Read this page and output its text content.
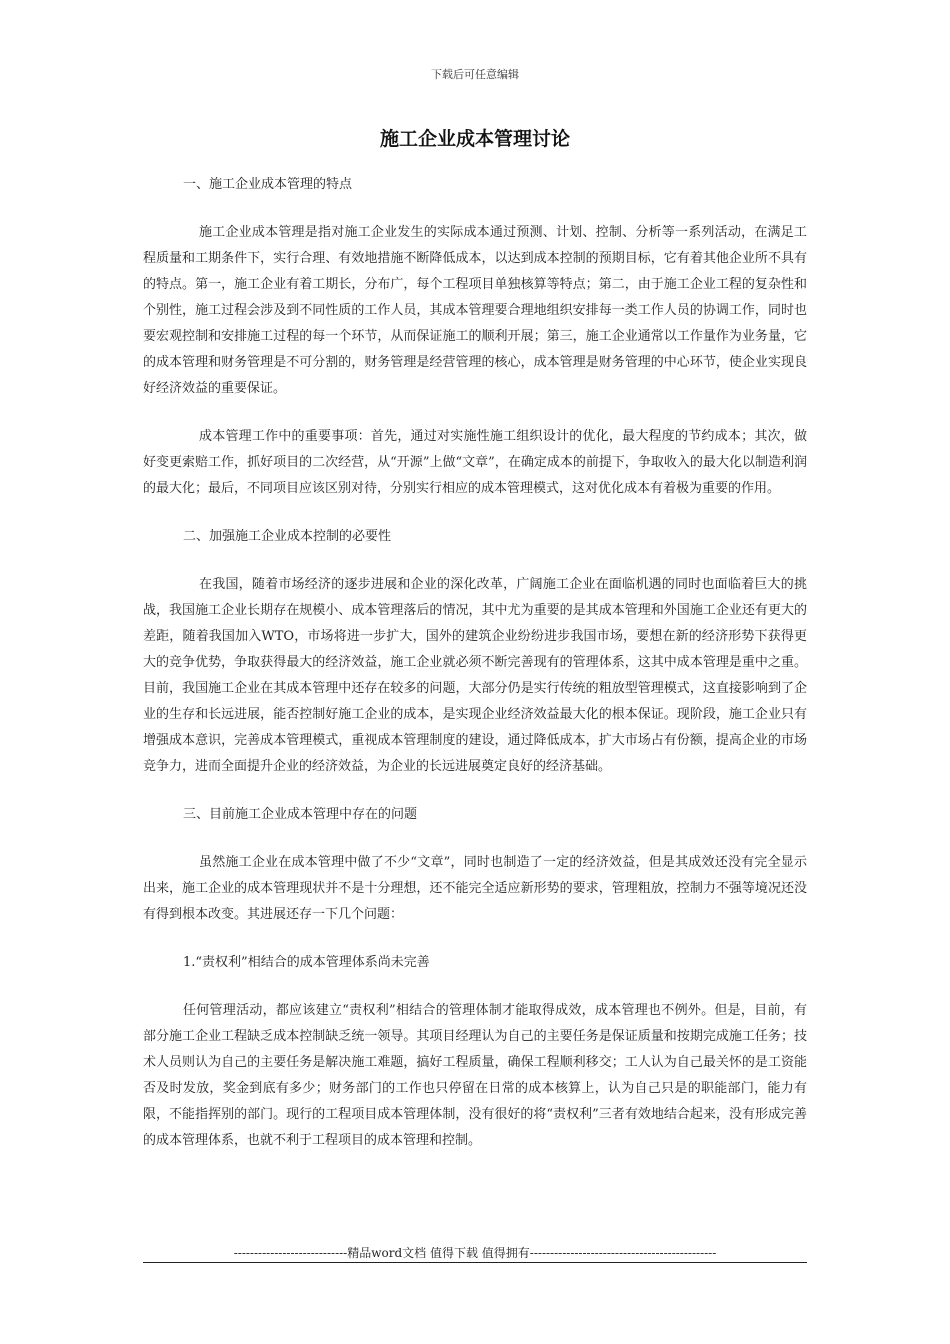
下载后可任意编辑
施工企业成本管理讨论
一、施工企业成本管理的特点

施工企业成本管理是指对施工企业发生的实际成本通过预测、计划、控制、分析等一系列活动，在满足工程质量和工期条件下，实行合理、有效地措施不断降低成本，以达到成本控制的预期目标，它有着其他企业所不具有的特点。第一，施工企业有着工期长，分布广，每个工程项目单独核算等特点；第二，由于施工企业工程的复杂性和个别性，施工过程会涉及到不同性质的工作人员，其成本管理要合理地组织安排每一类工作人员的协调工作，同时也要宏观控制和安排施工过程的每一个环节，从而保证施工的顺利开展；第三，施工企业通常以工作量作为业务量，它的成本管理和财务管理是不可分割的，财务管理是经营管理的核心，成本管理是财务管理的中心环节，使企业实现良好经济效益的重要保证。

成本管理工作中的重要事项：首先，通过对实施性施工组织设计的优化，最大程度的节约成本；其次，做好变更索赔工作，抓好项目的二次经营，从“开源”上做“文章”，在确定成本的前提下，争取收入的最大化以制造利润的最大化；最后，不同项目应该区别对待，分别实行相应的成本管理模式，这对优化成本有着极为重要的作用。

二、加强施工企业成本控制的必要性

在我国，随着市场经济的逐步进展和企业的深化改革，广阔施工企业在面临机遇的同时也面临着巨大的挑战，我国施工企业长期存在规模小、成本管理落后的情况，其中尤为重要的是其成本管理和外国施工企业还有更大的差距，随着我国加入WTO，市场将进一步扩大，国外的建筑企业纷纷进步我国市场，要想在新的经济形势下获得更大的竞争优势，争取获得最大的经济效益，施工企业就必须不断完善现有的管理体系，这其中成本管理是重中之重。目前，我国施工企业在其成本管理中还存在较多的问题，大部分仍是实行传统的粗放型管理模式，这直接影响到了企业的生存和长远进展，能否控制好施工企业的成本，是实现企业经济效益最大化的根本保证。现阶段，施工企业只有增强成本意识，完善成本管理模式，重视成本管理制度的建设，通过降低成本，扩大市场占有份额，提高企业的市场竞争力，进而全面提升企业的经济效益，为企业的长远进展奠定良好的经济基础。

三、目前施工企业成本管理中存在的问题

虽然施工企业在成本管理中做了不少“文章”，同时也制造了一定的经济效益，但是其成效还没有完全显示出来，施工企业的成本管理现状并不是十分理想，还不能完全适应新形势的要求，管理粗放，控制力不强等境况还没有得到根本改变。其进展还存一下几个问题：

1.“责权利”相结合的成本管理体系尚未完善

任何管理活动，都应该建立“责权利”相结合的管理体制才能取得成效，成本管理也不例外。但是，目前，有部分施工企业工程缺乏成本控制缺乏统一领导。其项目经理认为自己的主要任务是保证质量和按期完成施工任务；技术人员则认为自己的主要任务是解决施工难题，搞好工程质量，确保工程顺利移交；工人认为自己最关怀的是工资能否及时发放，奖金到底有多少；财务部门的工作也只停留在日常的成本核算上，认为自己只是的职能部门，能力有限，不能指挥别的部门。现行的工程项目成本管理体制，没有很好的将“责权利”三者有效地结合起来，没有形成完善的成本管理体系，也就不利于工程项目的成本管理和控制。

----------------------------精品word文档 值得下载 值得拥有----------------------------------------------
